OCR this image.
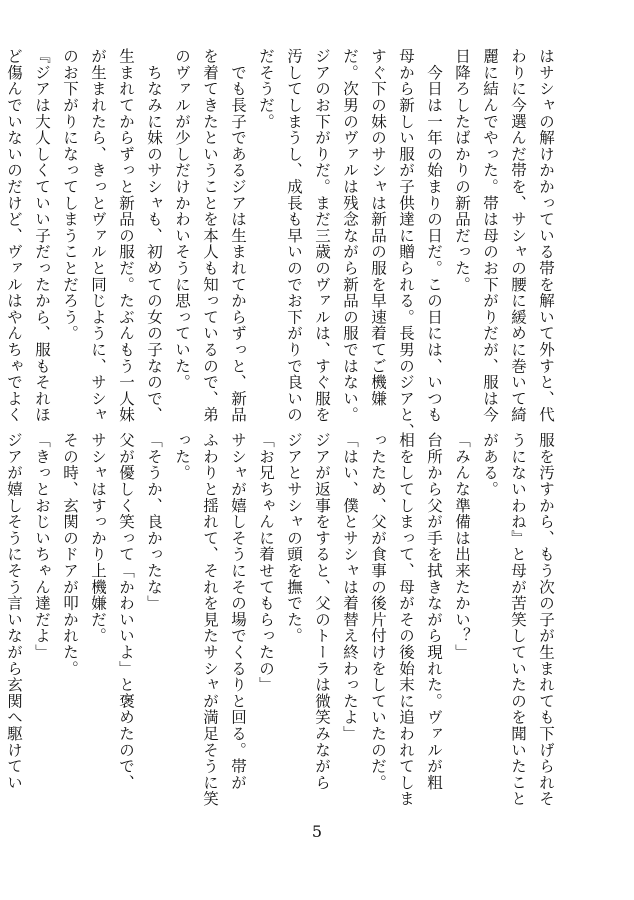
はサシャの解けかかっている帯を解いて外すと、代
わりに今選んだ帯を、サシャの腰に緩めに巻いて綺
麗に結んでやった。帯は母のお下がりだが、服は今
日降ろしたばかりの新品だった。
　今日は一年の始まりの日だ。この日には、いつも
母から新しい服が子供達に贈られる。長男のジアと、
すぐ下の妹のサシャは新品の服を早速着てご機嫌
だ。次男のヴァルは残念ながら新品の服ではない。
ジアのお下がりだ。まだ三歳のヴァルは、すぐ服を
汚してしまうし、成長も早いのでお下がりで良いの
だそうだ。
　でも長子であるジアは生まれてからずっと、新品
を着てきたということを本人も知っているので、弟
のヴァルが少しだけかわいそうに思っていた。
　ちなみに妹のサシャも、初めての女の子なので、
生まれてからずっと新品の服だ。たぶんもう一人妹
が生まれたら、きっとヴァルと同じように、サシャ
のお下がりになってしまうことだろう。
『ジアは大人しくていい子だったから、服もそれほ
ど傷んでいないのだけど、ヴァルはやんちゃでよく
服を汚すから、もう次の子が生まれても下げられそ
うにないわね』と母が苦笑していたのを聞いたこと
がある。
「みんな準備は出来たかい？」
台所から父が手を拭きながら現れた。ヴァルが粗
相をしてしまって、母がその後始末に追われてしま
ったため、父が食事の後片付けをしていたのだ。
「はい、僕とサシャは着替え終わったよ」
ジアが返事をすると、父のトーラは微笑みながら
ジアとサシャの頭を撫でた。
「お兄ちゃんに着せてもらったの」
サシャが嬉しそうにその場でくるりと回る。帯が
ふわりと揺れて、それを見たサシャが満足そうに笑
った。
「そうか、良かったな」
父が優しく笑って「かわいいよ」と褒めたので、
サシャはすっかり上機嫌だ。
その時、玄関のドアが叩かれた。
「きっとおじいちゃん達だよ」
ジアが嬉しそうにそう言いながら玄関へ駆けてい
5
